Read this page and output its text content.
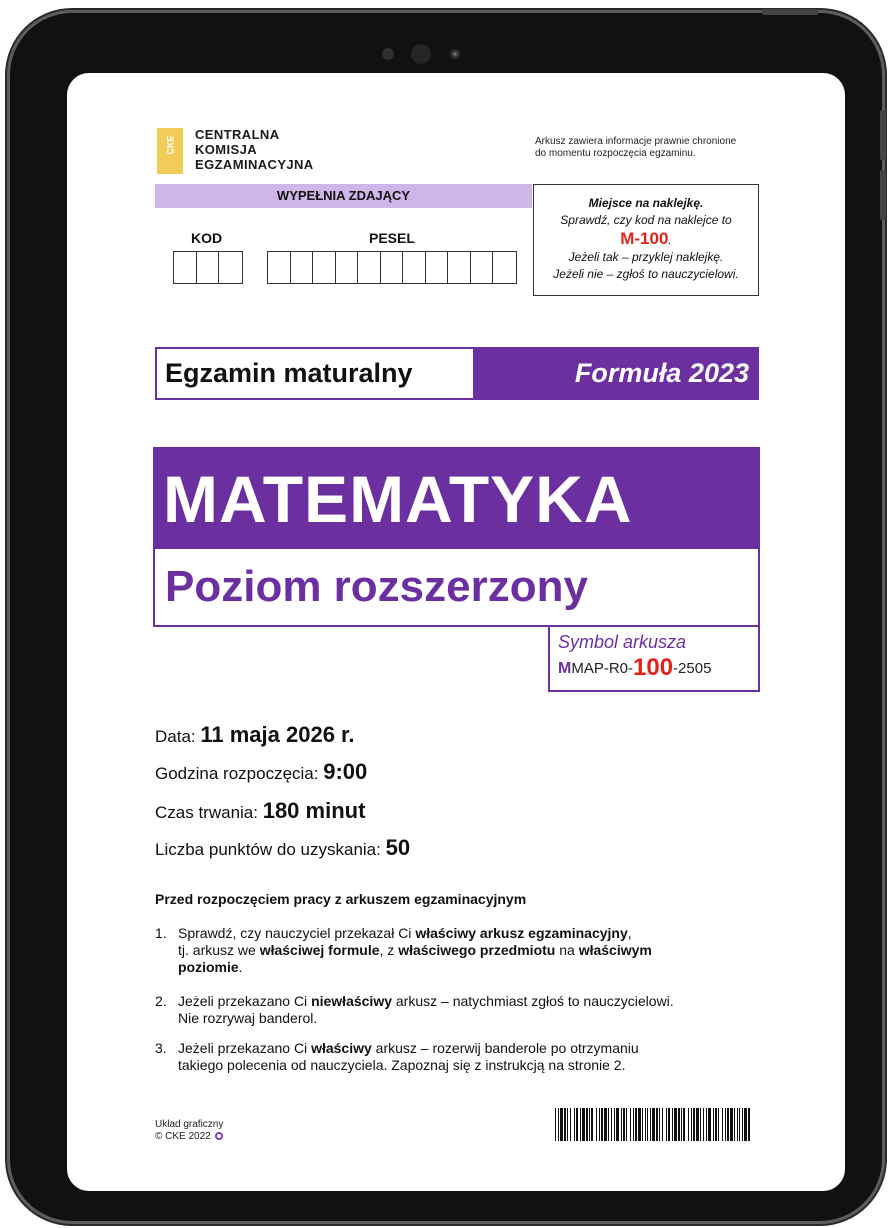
CKE
CENTRALNA
KOMISJA
EGZAMINACYJNA
Arkusz zawiera informacje prawnie chronione
do momentu rozpoczęcia egzaminu.
WYPEŁNIA ZDAJĄCY	Miejsce na naklejkę.
Sprawdź, czy kod na naklejce to
M-100.
Jeżeli tak – przyklej naklejkę.
Jeżeli nie – zgłoś to nauczycielowi.
KOD	PESEL
Egzamin maturalny	Formuła 2023
MATEMATYKA
Poziom rozszerzony
Symbol arkusza
MMAP-R0-100-2505
Data: 11 maja 2026 r.
Godzina rozpoczęcia: 9:00
Czas trwania: 180 minut
Liczba punktów do uzyskania: 50
Przed rozpoczęciem pracy z arkuszem egzaminacyjnym
1. Sprawdź, czy nauczyciel przekazał Ci właściwy arkusz egzaminacyjny,
tj. arkusz we właściwej formule, z właściwego przedmiotu na właściwym
poziomie.
2. Jeżeli przekazano Ci niewłaściwy arkusz – natychmiast zgłoś to nauczycielowi.
Nie rozrywaj banderol.
3. Jeżeli przekazano Ci właściwy arkusz – rozerwij banderole po otrzymaniu
takiego polecenia od nauczyciela. Zapoznaj się z instrukcją na stronie 2.
Układ graficzny
© CKE 2022
